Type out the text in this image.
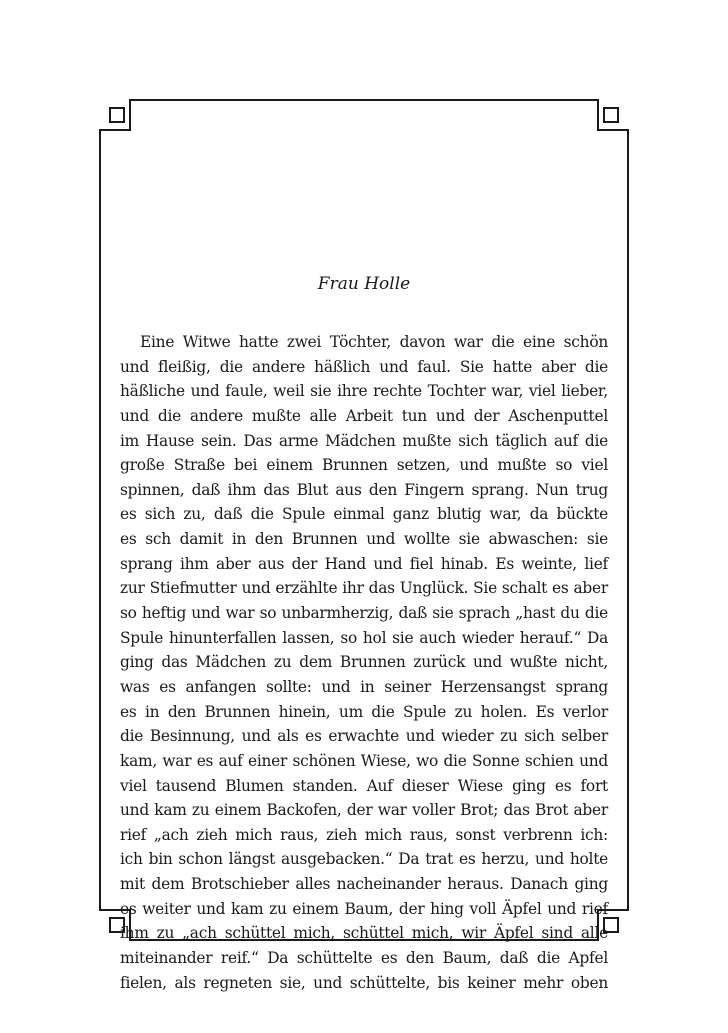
Frau Holle
Eine Witwe hatte zwei Töchter, davon war die eine schön
und fleißig, die andere häßlich und faul. Sie hatte aber die
häßliche und faule, weil sie ihre rechte Tochter war, viel lieber,
und die andere mußte alle Arbeit tun und der Aschenputtel
im Hause sein. Das arme Mädchen mußte sich täglich auf die
große Straße bei einem Brunnen setzen, und mußte so viel
spinnen, daß ihm das Blut aus den Fingern sprang. Nun trug
es sich zu, daß die Spule einmal ganz blutig war, da bückte
es sch damit in den Brunnen und wollte sie abwaschen: sie
sprang ihm aber aus der Hand und fiel hinab. Es weinte, lief
zur Stiefmutter und erzählte ihr das Unglück. Sie schalt es aber
so heftig und war so unbarmherzig, daß sie sprach „hast du die
Spule hinunterfallen lassen, so hol sie auch wieder herauf.“ Da
ging das Mädchen zu dem Brunnen zurück und wußte nicht,
was es anfangen sollte: und in seiner Herzensangst sprang
es in den Brunnen hinein, um die Spule zu holen. Es verlor
die Besinnung, und als es erwachte und wieder zu sich selber
kam, war es auf einer schönen Wiese, wo die Sonne schien und
viel tausend Blumen standen. Auf dieser Wiese ging es fort
und kam zu einem Backofen, der war voller Brot; das Brot aber
rief „ach zieh mich raus, zieh mich raus, sonst verbrenn ich:
ich bin schon längst ausgebacken.“ Da trat es herzu, und holte
mit dem Brotschieber alles nacheinander heraus. Danach ging
es weiter und kam zu einem Baum, der hing voll Äpfel und rief
ihm zu „ach schüttel mich, schüttel mich, wir Äpfel sind alle
miteinander reif.“ Da schüttelte es den Baum, daß die Apfel
fielen, als regneten sie, und schüttelte, bis keiner mehr oben
